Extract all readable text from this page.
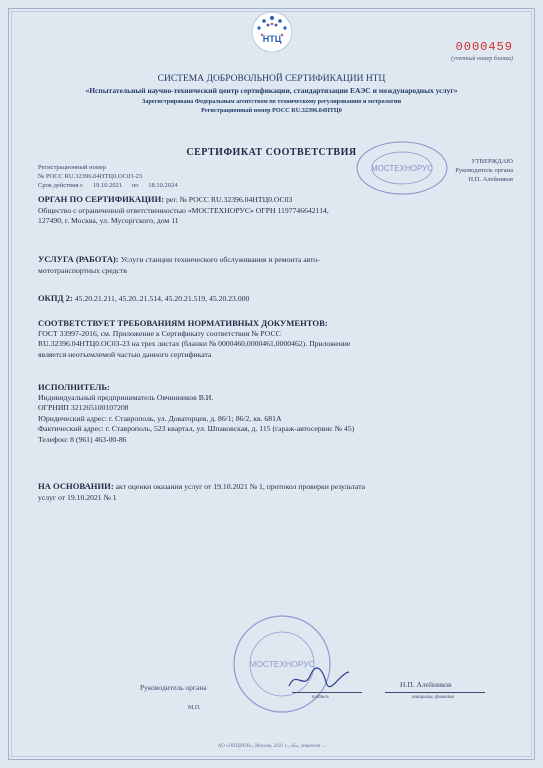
НТЦ
0000459
(учетный номер бланка)
СИСТЕМА ДОБРОВОЛЬНОЙ СЕРТИФИКАЦИИ НТЦ
«Испытательный научно-технический центр сертификации, стандартизации ЕАЭС и международных услуг»
Зарегистрирована Федеральным агентством по техническому регулированию и метрологии
Регистрационный номер РОСС RU.32396.04НТЦ0
СЕРТИФИКАТ СООТВЕТСТВИЯ
Регистрационный номер
№ РОСС RU.32396.04НТЦ0.ОС03-23
Срок действия с 19.10.2021 по 18.10.2024
УТВЕРЖДАЮ
Руководитель органа
Н.П. Алейников
МОСТЕХНОРУС
ОРГАН ПО СЕРТИФИКАЦИИ: рег. № РОСС RU.32396.04НТЦ0.ОС03
Общество с ограниченной ответственностью «МОСТЕХНОРУС» ОГРН 1197746642114,
127490, г. Москва, ул. Мусоргского, дом 11
УСЛУГА (РАБОТА): Услуги станции технического обслуживания и ремонта авто-
мототранспортных средств
ОКПД 2: 45.20.21.211, 45.20..21.514, 45.20.21.519, 45.20.23.000
СООТВЕТСТВУЕТ ТРЕБОВАНИЯМ НОРМАТИВНЫХ ДОКУМЕНТОВ:
ГОСТ 33997-2016, см. Приложение к Сертификату соответствия № РОСС
RU.32396.04НТЦ0.ОС03-23 на трех листах (бланки № 0000460,0000461,0000462). Приложение
является неотъемлемой частью данного сертификата
ИСПОЛНИТЕЛЬ:
Индивидуальный предприниматель Овчинников В.И.
ОГРНИП 321265100107208
Юридический адрес: г. Ставрополь, ул. Доваторцев, д. 86/1; 86/2, кв. 681А
Фактический адрес: г. Ставрополь, 523 квартал, ул. Шпаковская, д. 115 (гараж-автосервис № 45)
Телефон: 8 (961) 463-00-86
НА ОСНОВАНИИ: акт оценки оказания услуг от 19.10.2021 № 1, протокол проверки результата
услуг от 19.10.2021 № 1
МОСТЕХНОРУС
Руководитель органа	Н.П. Алейников
подпись	инициалы, фамилия
М.П.
АО «ОПЦИОН», Москва, 2021 г., «Б», лицензия ...
